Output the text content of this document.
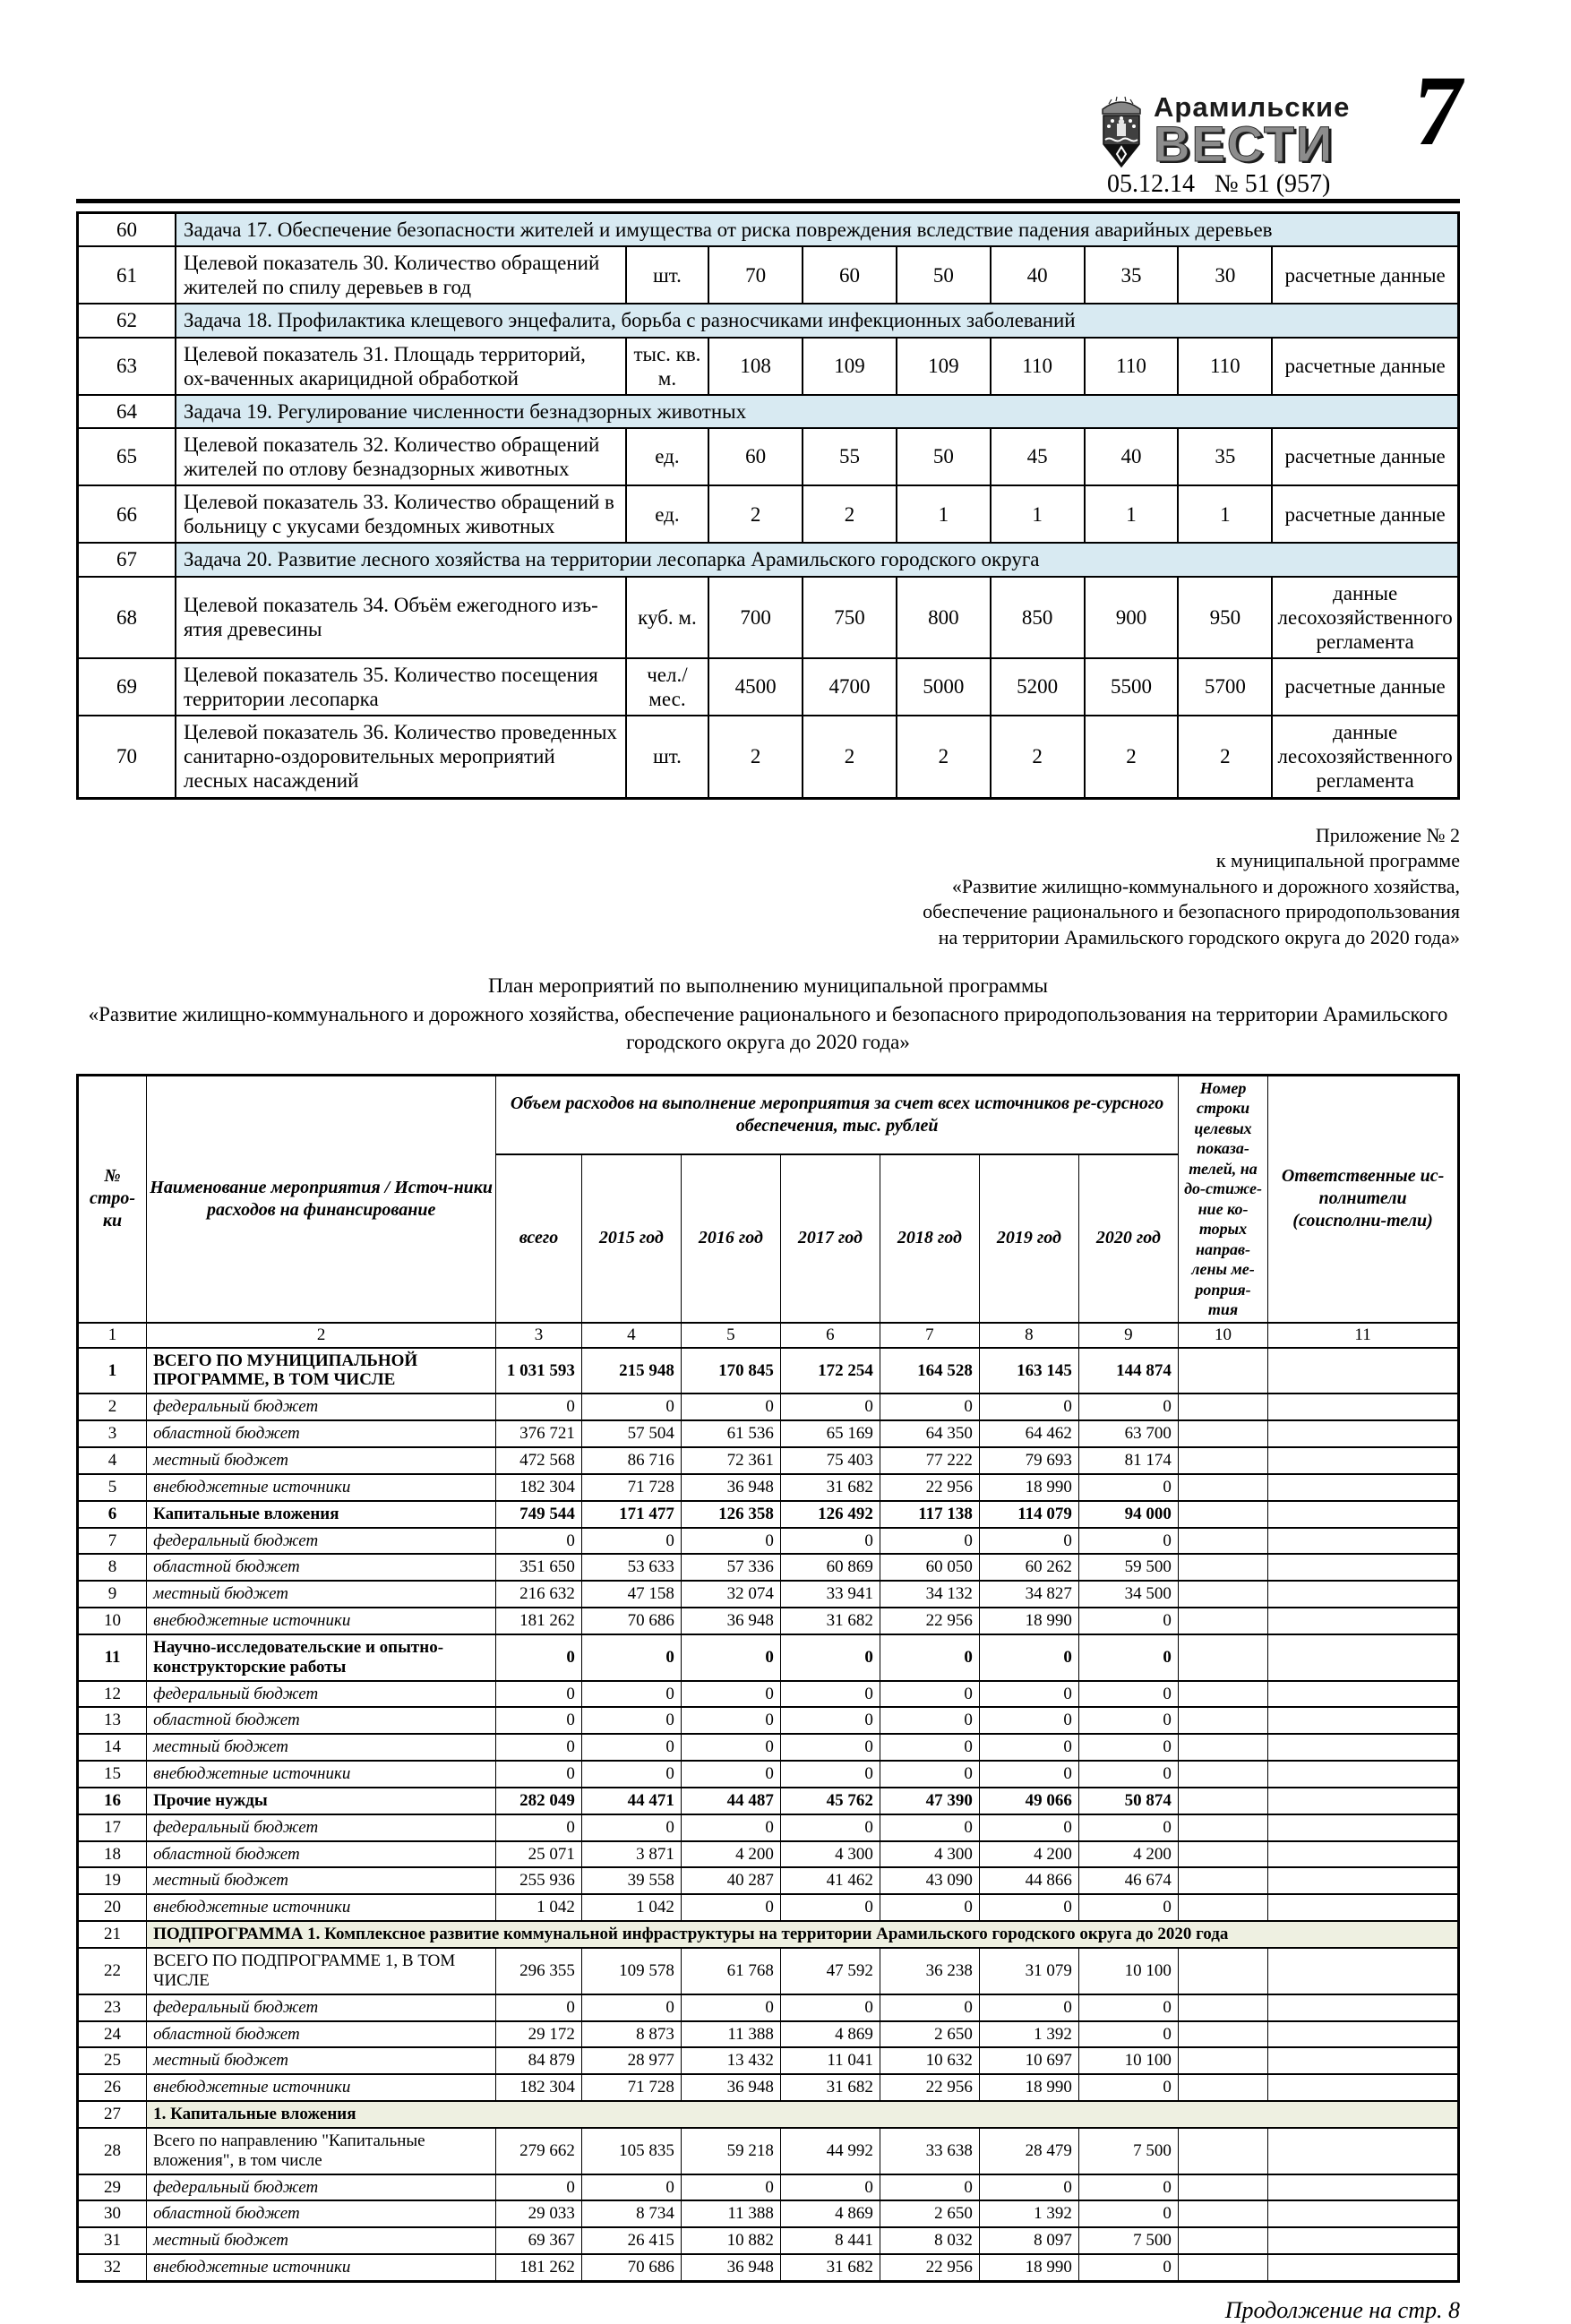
Арамильские
ВЕСТИ
05.12.14 № 51 (957)
7
60	Задача 17. Обеспечение безопасности жителей и имущества от риска повреждения вследствие падения аварийных деревьев								
61	Целевой показатель 30. Количество обращений жителей по спилу деревьев в год	шт.	70	60	50	40	35	30	расчетные данные
62	Задача 18. Профилактика клещевого энцефалита, борьба с разносчиками инфекционных заболеваний								
63	Целевой показатель 31. Площадь территорий, ох-ваченных акарицидной обработкой	тыс. кв. м.	108	109	109	110	110	110	расчетные данные
64	Задача 19. Регулирование численности безнадзорных животных								
65	Целевой показатель 32. Количество обращений жителей по отлову безнадзорных животных	ед.	60	55	50	45	40	35	расчетные данные
66	Целевой показатель 33. Количество обращений в больницу с укусами бездомных животных	ед.	2	2	1	1	1	1	расчетные данные
67	Задача 20. Развитие лесного хозяйства на территории лесопарка Арамильского городского округа								
68	Целевой показатель 34. Объём ежегодного изъ-ятия древесины	куб. м.	700	750	800	850	900	950	данные лесохозяйственного регламента
69	Целевой показатель 35. Количество посещения территории лесопарка	чел./мес.	4500	4700	5000	5200	5500	5700	расчетные данные
70	Целевой показатель 36. Количество проведенных санитарно-оздоровительных мероприятий лесных насаждений	шт.	2	2	2	2	2	2	данные лесохозяйственного регламента
Приложение № 2
к муниципальной программе
«Развитие жилищно-коммунального и дорожного хозяйства,
обеспечение рационального и безопасного природопользования
на территории Арамильского городского округа до 2020 года»
План мероприятий по выполнению муниципальной программы
«Развитие жилищно-коммунального и дорожного хозяйства, обеспечение рационального и безопасного природопользования на территории Арамильского городского округа до 2020 года»
№ стро-ки	Наименование мероприятия / Источ-ники расходов на финансирование	Объем расходов на выполнение мероприятия за счет всех источников ре-сурсного обеспечения, тыс. рублей							Номер строки целевых показа-телей, на до-стиже-ние ко-торых направ-лены ме-роприя-тия	Ответственные ис-полнители (соисполни-тели)
		всего	2015 год	2016 год	2017 год	2018 год	2019 год	2020 год		
1	2	3	4	5	6	7	8	9	10	11
1	ВСЕГО ПО МУНИЦИПАЛЬНОЙ ПРОГРАММЕ, В ТОМ ЧИСЛЕ	1 031 593	215 948	170 845	172 254	164 528	163 145	144 874		
2	федеральный бюджет	0	0	0	0	0	0	0		
3	областной бюджет	376 721	57 504	61 536	65 169	64 350	64 462	63 700		
4	местный бюджет	472 568	86 716	72 361	75 403	77 222	79 693	81 174		
5	внебюджетные источники	182 304	71 728	36 948	31 682	22 956	18 990	0		
6	Капитальные вложения	749 544	171 477	126 358	126 492	117 138	114 079	94 000		
7	федеральный бюджет	0	0	0	0	0	0	0		
8	областной бюджет	351 650	53 633	57 336	60 869	60 050	60 262	59 500		
9	местный бюджет	216 632	47 158	32 074	33 941	34 132	34 827	34 500		
10	внебюджетные источники	181 262	70 686	36 948	31 682	22 956	18 990	0		
11	Научно-исследовательские и опытно-конструкторские работы	0	0	0	0	0	0	0		
12	федеральный бюджет	0	0	0	0	0	0	0		
13	областной бюджет	0	0	0	0	0	0	0		
14	местный бюджет	0	0	0	0	0	0	0		
15	внебюджетные источники	0	0	0	0	0	0	0		
16	Прочие нужды	282 049	44 471	44 487	45 762	47 390	49 066	50 874		
17	федеральный бюджет	0	0	0	0	0	0	0		
18	областной бюджет	25 071	3 871	4 200	4 300	4 300	4 200	4 200		
19	местный бюджет	255 936	39 558	40 287	41 462	43 090	44 866	46 674		
20	внебюджетные источники	1 042	1 042	0	0	0	0	0		
21	ПОДПРОГРАММА 1. Комплексное развитие коммунальной инфраструктуры на территории Арамильского городского округа до 2020 года									
22	ВСЕГО ПО ПОДПРОГРАММЕ 1, В ТОМ ЧИСЛЕ	296 355	109 578	61 768	47 592	36 238	31 079	10 100		
23	федеральный бюджет	0	0	0	0	0	0	0		
24	областной бюджет	29 172	8 873	11 388	4 869	2 650	1 392	0		
25	местный бюджет	84 879	28 977	13 432	11 041	10 632	10 697	10 100		
26	внебюджетные источники	182 304	71 728	36 948	31 682	22 956	18 990	0		
27	1. Капитальные вложения									
28	Всего по направлению "Капитальные вложения", в том числе	279 662	105 835	59 218	44 992	33 638	28 479	7 500		
29	федеральный бюджет	0	0	0	0	0	0	0		
30	областной бюджет	29 033	8 734	11 388	4 869	2 650	1 392	0		
31	местный бюджет	69 367	26 415	10 882	8 441	8 032	8 097	7 500		
32	внебюджетные источники	181 262	70 686	36 948	31 682	22 956	18 990	0		
Продолжение на стр. 8
